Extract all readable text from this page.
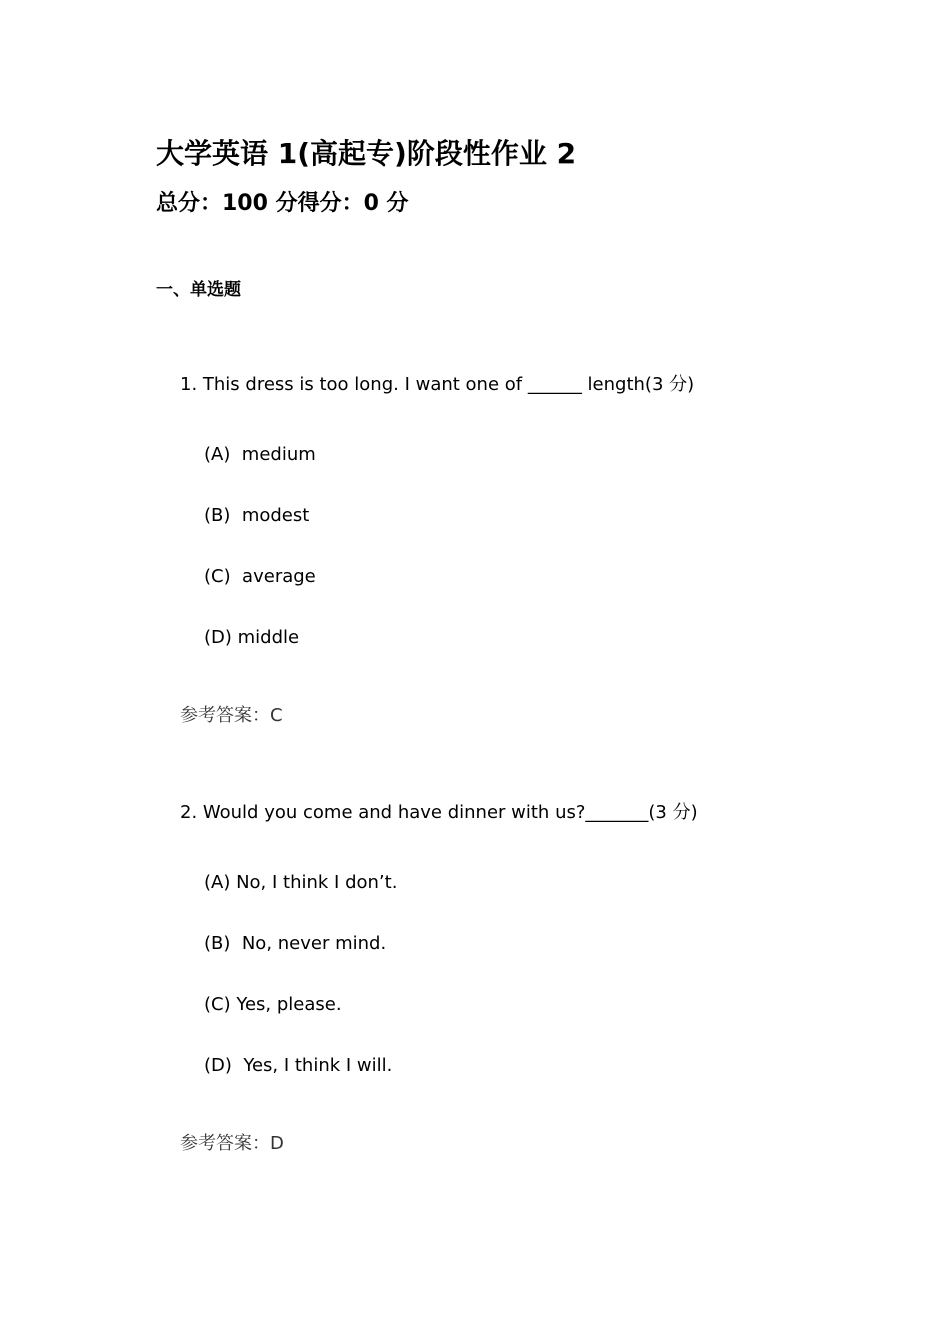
大学英语 1(高起专)阶段性作业 2
总分：100 分得分：0 分
一、单选题
1. This dress is too long. I want one of ______ length(3 分)
(A)  medium
(B)  modest
(C)  average
(D) middle
参考答案：C
2. Would you come and have dinner with us?_______(3 分)
(A) No, I think I don’t.
(B)  No, never mind.
(C) Yes, please.
(D)  Yes, I think I will.
参考答案：D
